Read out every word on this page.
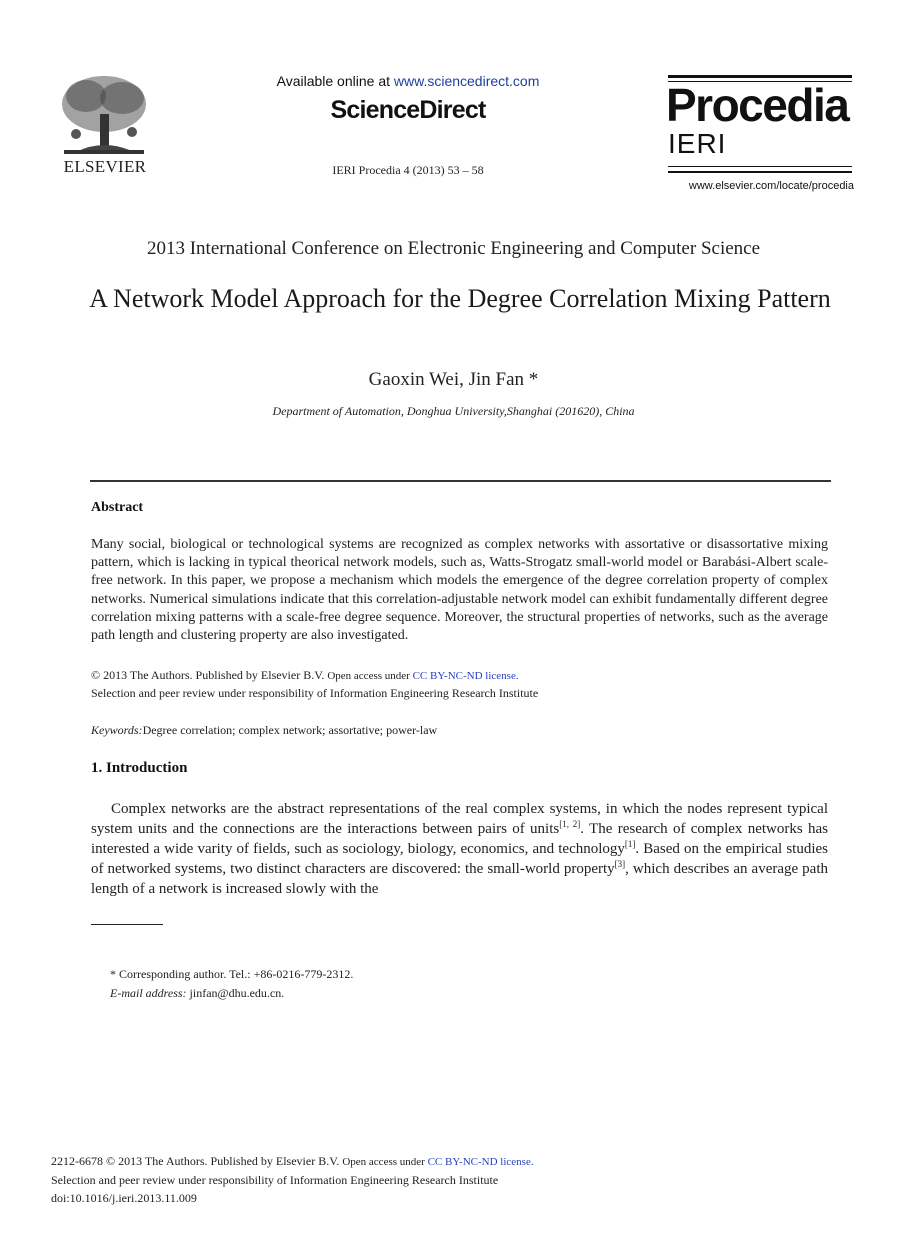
ELSEVIER
Available online at www.sciencedirect.com
ScienceDirect
IERI Procedia 4 (2013) 53 – 58
Procedia
IERI
www.elsevier.com/locate/procedia
2013 International Conference on Electronic Engineering and Computer Science
A Network Model Approach for the Degree Correlation Mixing Pattern
Gaoxin Wei, Jin Fan *
Department of Automation, Donghua University,Shanghai (201620), China
Abstract
Many social, biological or technological systems are recognized as complex networks with assortative or disassortative mixing pattern, which is lacking in typical theorical network models, such as, Watts-Strogatz small-world model or Barabási-Albert scale-free network. In this paper, we propose a mechanism which models the emergence of the degree correlation property of complex networks. Numerical simulations indicate that this correlation-adjustable network model can exhibit fundamentally different degree correlation mixing patterns with a scale-free degree sequence. Moreover, the structural properties of networks, such as the average path length and clustering property are also investigated.
© 2013 The Authors. Published by Elsevier B.V. Open access under CC BY-NC-ND license.
Selection and peer review under responsibility of Information Engineering Research Institute
Keywords:Degree correlation; complex network; assortative; power-law
1. Introduction
Complex networks are the abstract representations of the real complex systems, in which the nodes represent typical system units and the connections are the interactions between pairs of units[1, 2]. The research of complex networks has interested a wide varity of fields, such as sociology, biology, economics, and technology[1]. Based on the empirical studies of networked systems, two distinct characters are discovered: the small-world property[3], which describes an average path length of a network is increased slowly with the
* Corresponding author. Tel.: +86-0216-779-2312.
E-mail address: jinfan@dhu.edu.cn.
2212-6678 © 2013 The Authors. Published by Elsevier B.V. Open access under CC BY-NC-ND license.
Selection and peer review under responsibility of Information Engineering Research Institute
doi:10.1016/j.ieri.2013.11.009
